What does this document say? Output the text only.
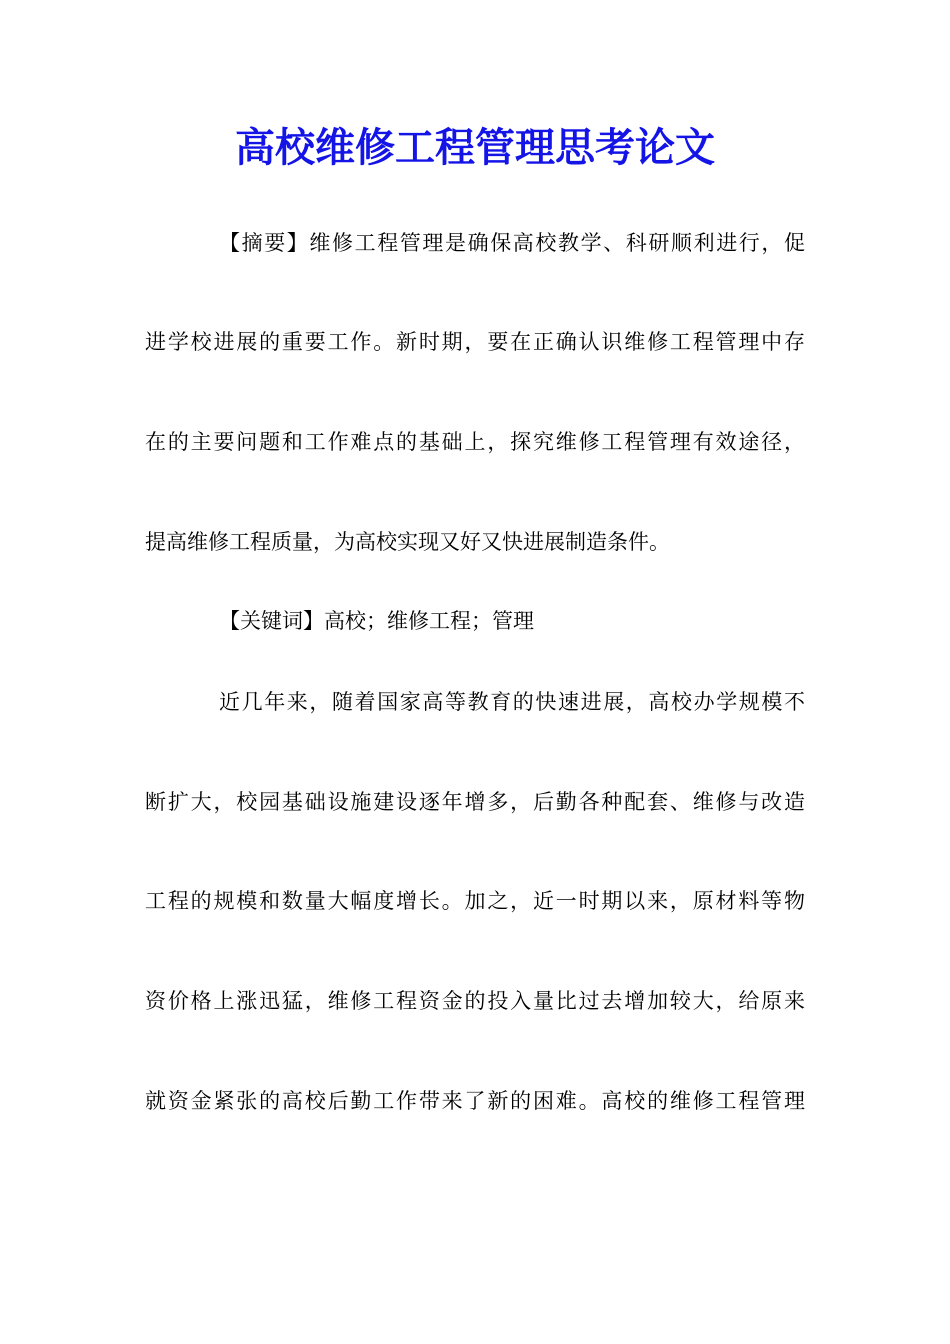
高校维修工程管理思考论文
【摘要】维修工程管理是确保高校教学、科研顺利进行，促
进学校进展的重要工作。新时期，要在正确认识维修工程管理中存
在的主要问题和工作难点的基础上，探究维修工程管理有效途径，
提高维修工程质量，为高校实现又好又快进展制造条件。
【关键词】高校；维修工程；管理
近几年来，随着国家高等教育的快速进展，高校办学规模不
断扩大，校园基础设施建设逐年增多，后勤各种配套、维修与改造
工程的规模和数量大幅度增长。加之，近一时期以来，原材料等物
资价格上涨迅猛，维修工程资金的投入量比过去增加较大，给原来
就资金紧张的高校后勤工作带来了新的困难。高校的维修工程管理
